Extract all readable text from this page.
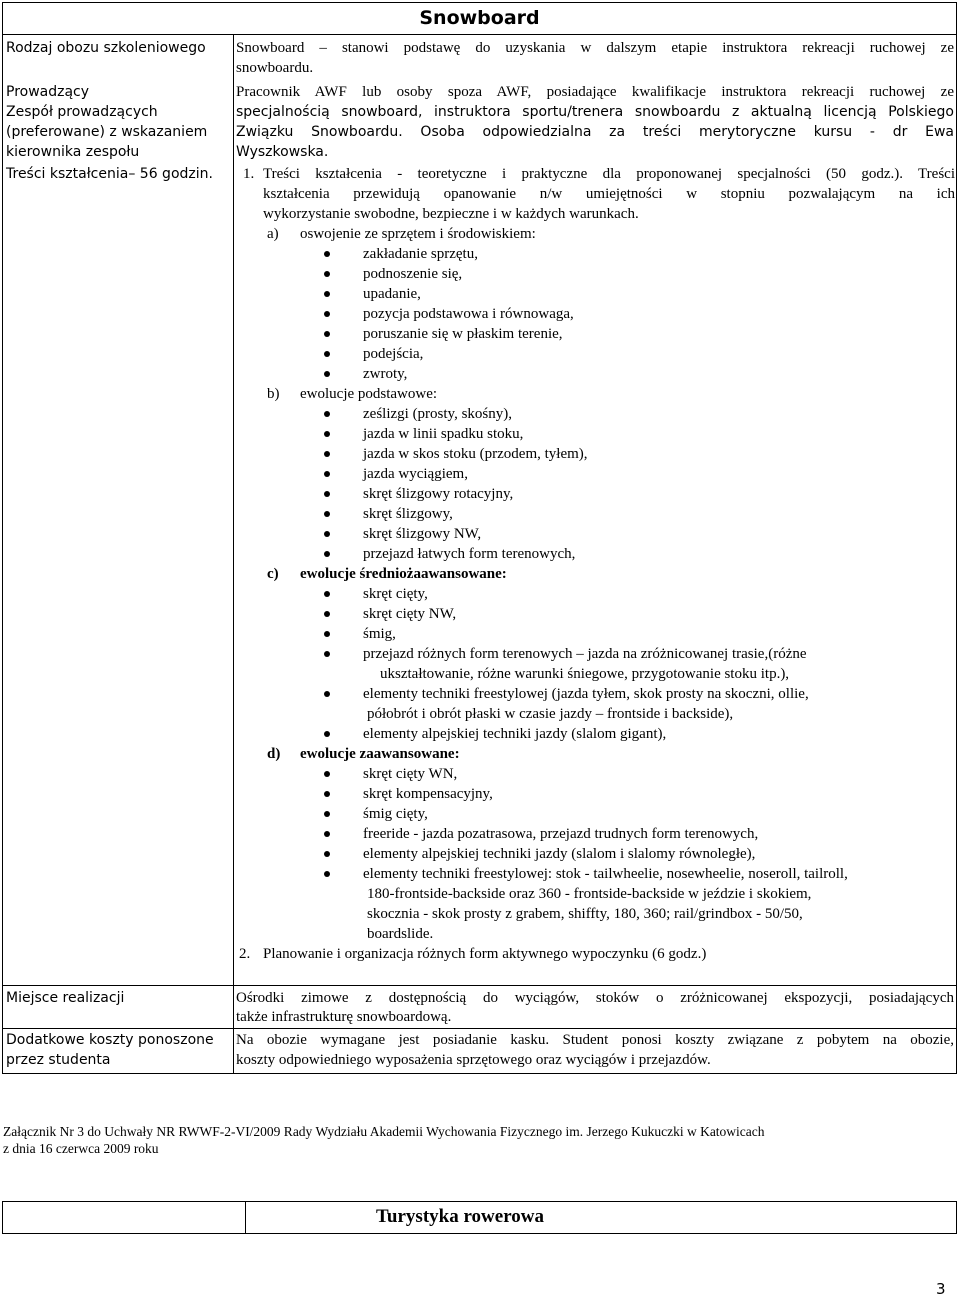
Snowboard
Rodzaj obozu szkoleniowego
Prowadzący
Zespół prowadzących
(preferowane) z wskazaniem
kierownika zespołu
Treści kształcenia– 56 godzin.
Miejsce realizacji
Dodatkowe koszty ponoszone
przez studenta
Snowboard – stanowi podstawę do uzyskania w dalszym etapie instruktora rekreacji ruchowej ze
snowboardu.
Pracownik AWF lub osoby spoza AWF, posiadające kwalifikacje instruktora rekreacji ruchowej ze
specjalnością snowboard, instruktora sportu/trenera snowboardu z aktualną licencją Polskiego
Związku Snowboardu. Osoba odpowiedzialna za treści merytoryczne kursu - dr Ewa
Wyszkowska.
1. Treści kształcenia - teoretyczne i praktyczne dla proponowanej specjalności (50 godz.). Treści
kształcenia przewidują opanowanie n/w umiejętności w stopniu pozwalającym na ich
wykorzystanie swobodne, bezpieczne i w każdych warunkach.
a) oswojenie ze sprzętem i środowiskiem:
zakładanie sprzętu,
podnoszenie się,
upadanie,
pozycja podstawowa i równowaga,
poruszanie się w płaskim terenie,
podejścia,
zwroty,
b) ewolucje podstawowe:
ześlizgi (prosty, skośny),
jazda w linii spadku stoku,
jazda w skos stoku (przodem, tyłem),
jazda wyciągiem,
skręt ślizgowy rotacyjny,
skręt ślizgowy,
skręt ślizgowy NW,
przejazd łatwych form terenowych,
c) ewolucje średniożaawansowane:
skręt cięty,
skręt cięty NW,
śmig,
przejazd różnych form terenowych – jazda na zróżnicowanej trasie,(różne
ukształtowanie, różne warunki śniegowe, przygotowanie stoku itp.),
elementy techniki freestylowej (jazda tyłem, skok prosty na skoczni, ollie,
półobrót i obrót płaski w czasie jazdy – frontside i backside),
elementy alpejskiej techniki jazdy (slalom gigant),
d) ewolucje zaawansowane:
skręt cięty WN,
skręt kompensacyjny,
śmig cięty,
freeride - jazda pozatrasowa, przejazd trudnych form terenowych,
elementy alpejskiej techniki jazdy (slalom i slalomy równoległe),
elementy techniki freestylowej: stok - tailwheelie, nosewheelie, noseroll, tailroll,
180-frontside-backside oraz 360 - frontside-backside w jeździe i skokiem,
skocznia - skok prosty z grabem, shiffty, 180, 360; rail/grindbox - 50/50,
boardslide.
2. Planowanie i organizacja różnych form aktywnego wypoczynku (6 godz.)
Ośrodki zimowe z dostępnością do wyciągów, stoków o zróżnicowanej ekspozycji, posiadających
także infrastrukturę snowboardową.
Na obozie wymagane jest posiadanie kasku. Student ponosi koszty związane z pobytem na obozie,
koszty odpowiedniego wyposażenia sprzętowego oraz wyciągów i przejazdów.
Załącznik Nr 3 do Uchwały NR RWWF-2-VI/2009 Rady Wydziału Akademii Wychowania Fizycznego im. Jerzego Kukuczki w Katowicach
z dnia 16 czerwca 2009 roku
Turystyka rowerowa
3
